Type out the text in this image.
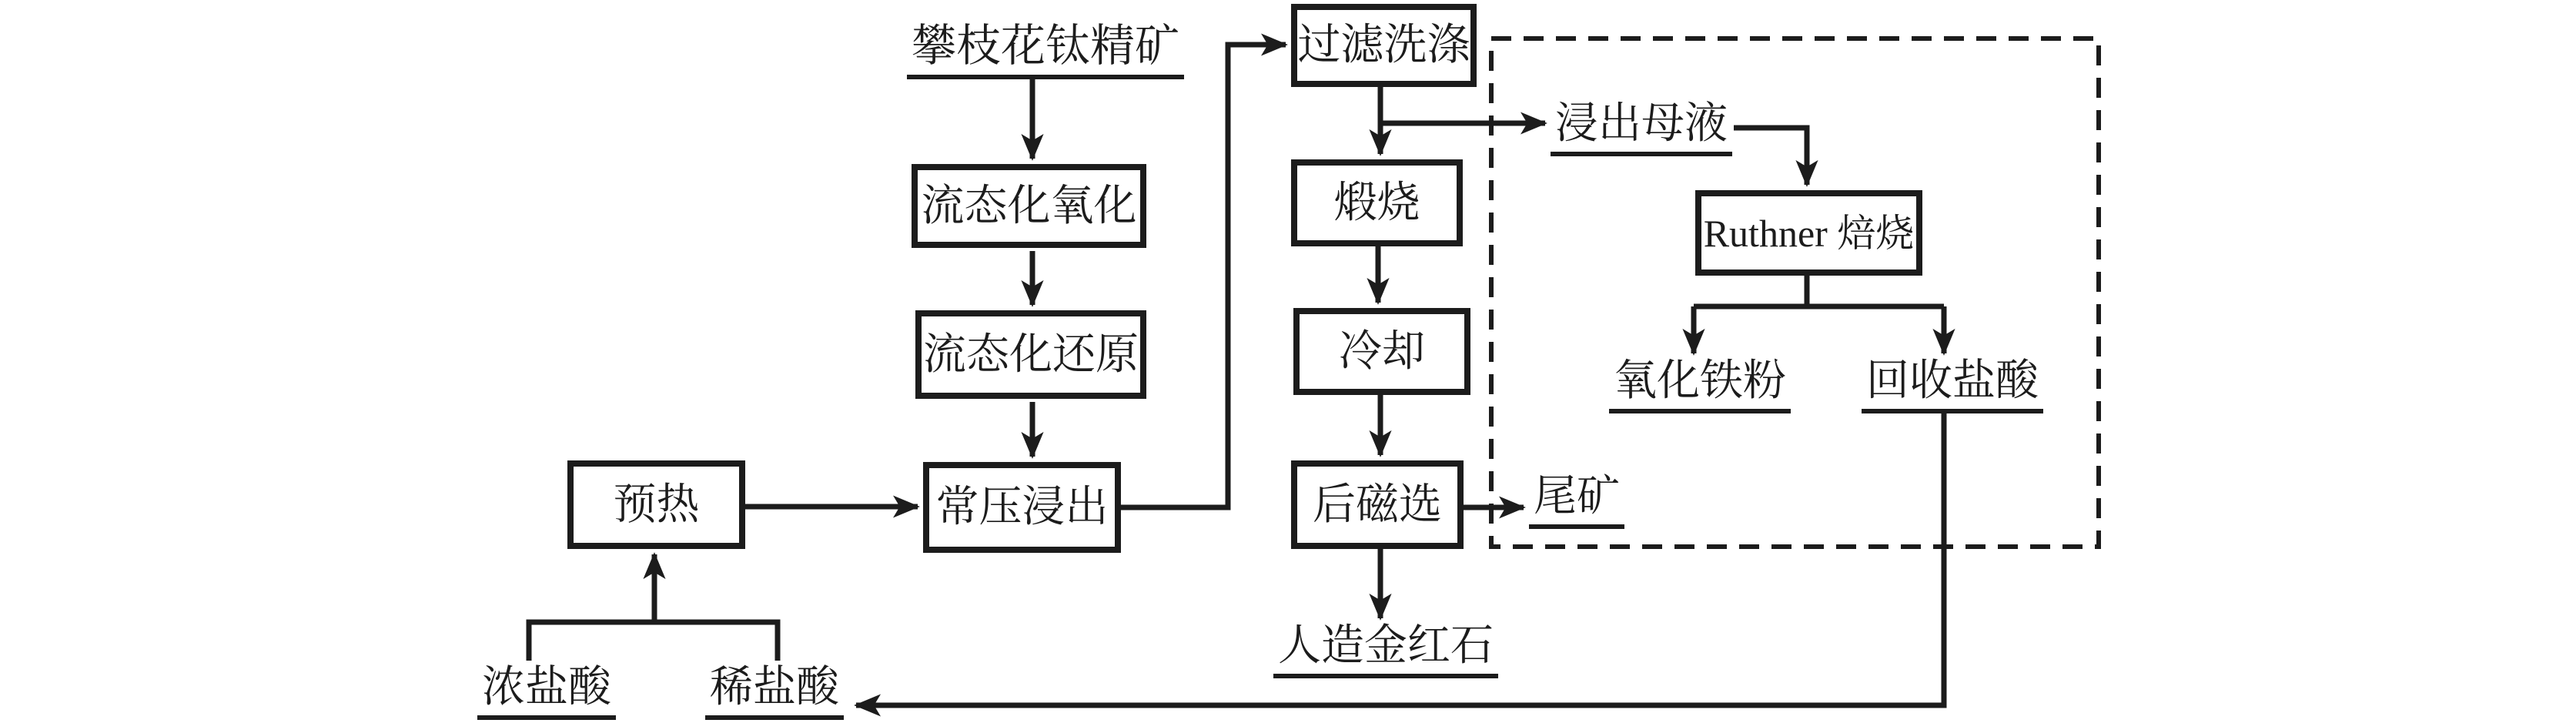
流态化氧化
流态化还原
常压浸出
预热
过滤洗涤
煅烧
冷却
后磁选
Ruthner 焙烧
攀枝花钛精矿
浸出母液
尾矿
人造金红石
氧化铁粉 回收盐酸
浓盐酸 稀盐酸
